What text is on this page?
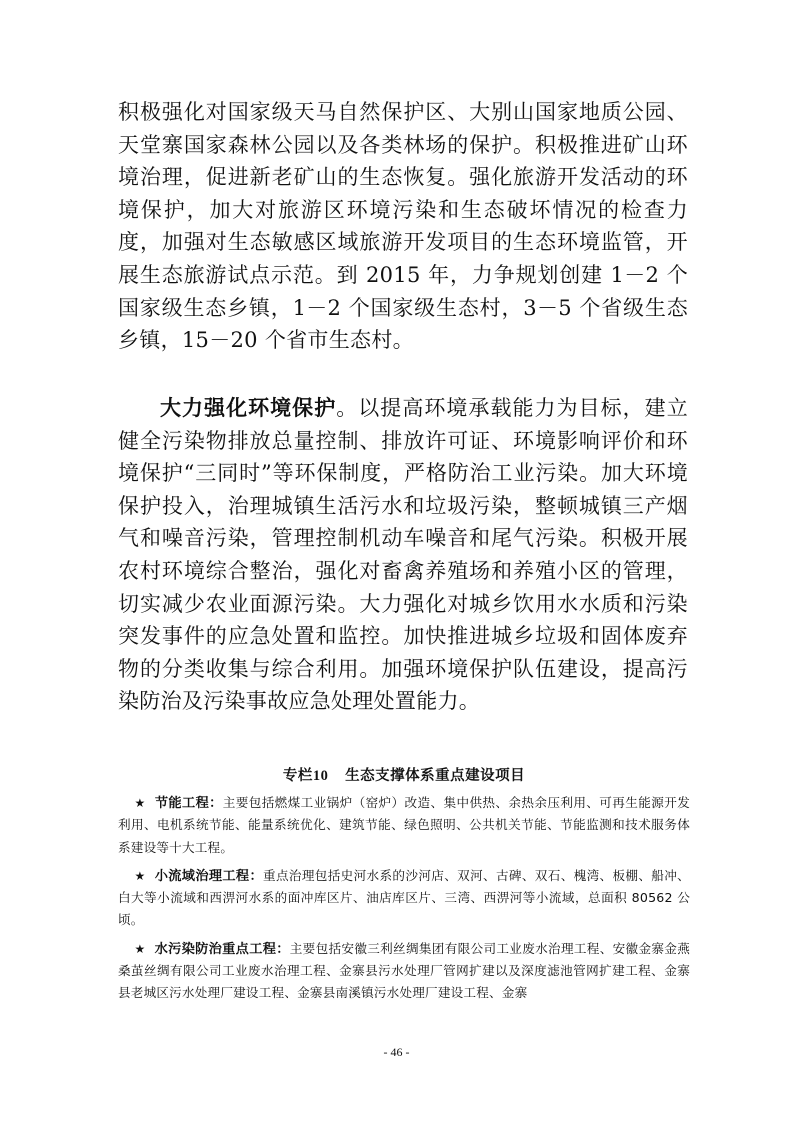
积极强化对国家级天马自然保护区、大别山国家地质公园、天堂寨国家森林公园以及各类林场的保护。积极推进矿山环境治理，促进新老矿山的生态恢复。强化旅游开发活动的环境保护，加大对旅游区环境污染和生态破坏情况的检查力度，加强对生态敏感区域旅游开发项目的生态环境监管，开展生态旅游试点示范。到 2015 年，力争规划创建 1－2 个国家级生态乡镇，1－2 个国家级生态村，3－5 个省级生态乡镇，15－20 个省市生态村。

大力强化环境保护。以提高环境承载能力为目标，建立健全污染物排放总量控制、排放许可证、环境影响评价和环境保护“三同时”等环保制度，严格防治工业污染。加大环境保护投入，治理城镇生活污水和垃圾污染，整顿城镇三产烟气和噪音污染，管理控制机动车噪音和尾气污染。积极开展农村环境综合整治，强化对畜禽养殖场和养殖小区的管理，切实减少农业面源污染。大力强化对城乡饮用水水质和污染突发事件的应急处置和监控。加快推进城乡垃圾和固体废弃物的分类收集与综合利用。加强环境保护队伍建设，提高污染防治及污染事故应急处理处置能力。

专栏10 生态支撑体系重点建设项目

★ 节能工程：主要包括燃煤工业锅炉（窑炉）改造、集中供热、余热余压利用、可再生能源开发利用、电机系统节能、能量系统优化、建筑节能、绿色照明、公共机关节能、节能监测和技术服务体系建设等十大工程。

★ 小流域治理工程：重点治理包括史河水系的沙河店、双河、古碑、双石、槐湾、板棚、船冲、白大等小流域和西淠河水系的面冲库区片、油店库区片、三湾、西淠河等小流域，总面积 80562 公顷。

★ 水污染防治重点工程：主要包括安徽三利丝绸集团有限公司工业废水治理工程、安徽金寨金燕桑茧丝绸有限公司工业废水治理工程、金寨县污水处理厂管网扩建以及深度滤池管网扩建工程、金寨县老城区污水处理厂建设工程、金寨县南溪镇污水处理厂建设工程、金寨

- 46 -
